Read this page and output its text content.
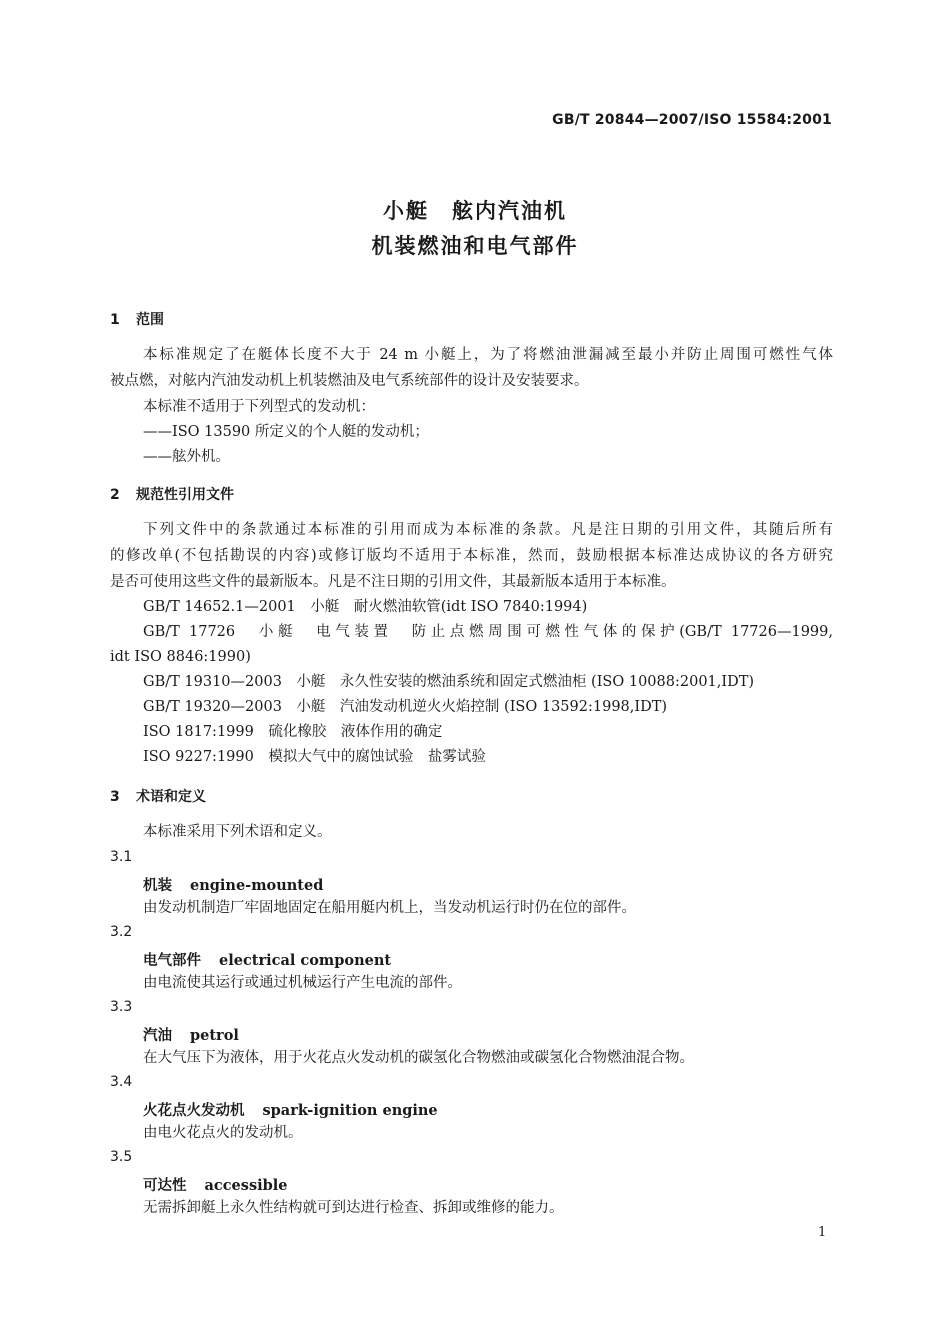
GB/T 20844—2007/ISO 15584:2001
小艇　舷内汽油机
机装燃油和电气部件
1 范围
本标准规定了在艇体长度不大于 24 m 小艇上，为了将燃油泄漏减至最小并防止周围可燃性气体
被点燃，对舷内汽油发动机上机装燃油及电气系统部件的设计及安装要求。
本标准不适用于下列型式的发动机：
——ISO 13590 所定义的个人艇的发动机；
——舷外机。
2 规范性引用文件
下列文件中的条款通过本标准的引用而成为本标准的条款。凡是注日期的引用文件，其随后所有
的修改单(不包括勘误的内容)或修订版均不适用于本标准，然而，鼓励根据本标准达成协议的各方研究
是否可使用这些文件的最新版本。凡是不注日期的引用文件，其最新版本适用于本标准。
GB/T 14652.1—2001　小艇　耐火燃油软管(idt ISO 7840:1994)
GB/T 17726　小艇　电气装置　防止点燃周围可燃性气体的保护(GB/T 17726—1999,
idt ISO 8846:1990)
GB/T 19310—2003　小艇　永久性安装的燃油系统和固定式燃油柜 (ISO 10088:2001,IDT)
GB/T 19320—2003　小艇　汽油发动机逆火火焰控制 (ISO 13592:1998,IDT)
ISO 1817:1999　硫化橡胶　液体作用的确定
ISO 9227:1990　模拟大气中的腐蚀试验　盐雾试验
3 术语和定义
本标准采用下列术语和定义。
3.1
机装 engine-mounted
由发动机制造厂牢固地固定在船用艇内机上，当发动机运行时仍在位的部件。
3.2
电气部件 electrical component
由电流使其运行或通过机械运行产生电流的部件。
3.3
汽油 petrol
在大气压下为液体，用于火花点火发动机的碳氢化合物燃油或碳氢化合物燃油混合物。
3.4
火花点火发动机 spark-ignition engine
由电火花点火的发动机。
3.5
可达性 accessible
无需拆卸艇上永久性结构就可到达进行检查、拆卸或维修的能力。
1
